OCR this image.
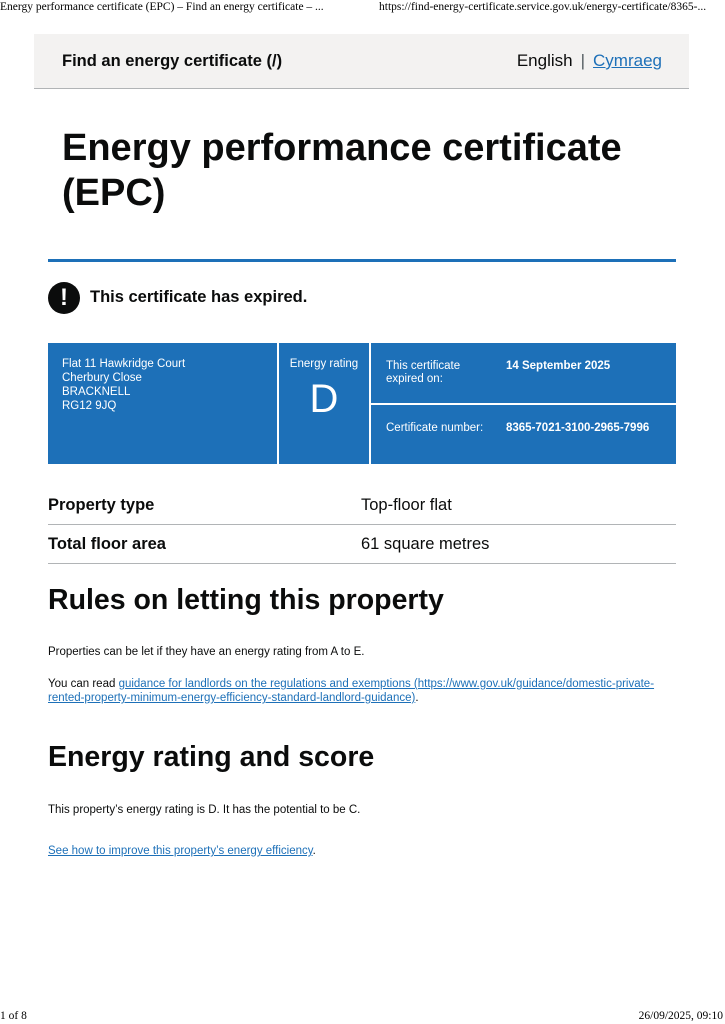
Energy performance certificate (EPC) – Find an energy certificate – ...	https://find-energy-certificate.service.gov.uk/energy-certificate/8365-...
Find an energy certificate (/)	English | Cymraeg
Energy performance certificate (EPC)
!	This certificate has expired.
Flat 11 Hawkridge Court
Cherbury Close
BRACKNELL
RG12 9JQ
Energy rating
D
This certificate expired on:
14 September 2025
Certificate number: 8365-7021-3100-2965-7996
Property type	Top-floor flat
Total floor area	61 square metres
Rules on letting this property

Properties can be let if they have an energy rating from A to E.

You can read guidance for landlords on the regulations and exemptions (https://www.gov.uk/guidance/domestic-private-rented-property-minimum-energy-efficiency-standard-landlord-guidance).

Energy rating and score

This property’s energy rating is D. It has the potential to be C.

See how to improve this property’s energy efficiency.

1 of 8	26/09/2025, 09:10
